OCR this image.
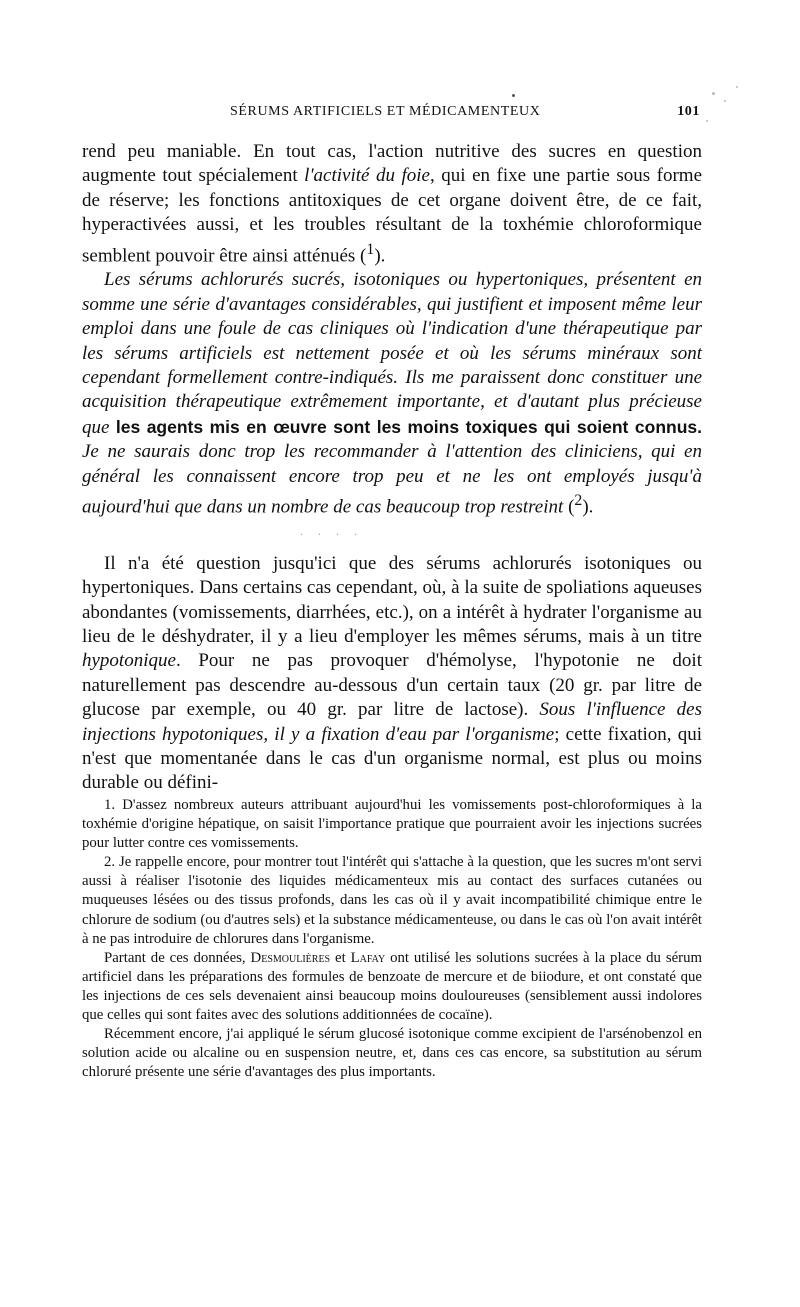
SÉRUMS ARTIFICIELS ET MÉDICAMENTEUX	101

rend peu maniable. En tout cas, l'action nutritive des sucres en question augmente tout spécialement l'activité du foie, qui en fixe une partie sous forme de réserve; les fonctions antitoxiques de cet organe doivent être, de ce fait, hyperactivées aussi, et les troubles résultant de la toxhémie chloroformique semblent pouvoir être ainsi atténués ($^1$).

Les sérums achlorurés sucrés, isotoniques ou hypertoniques, présentent en somme une série d'avantages considérables, qui justifient et imposent même leur emploi dans une foule de cas cliniques où l'indication d'une thérapeutique par les sérums artificiels est nettement posée et où les sérums minéraux sont cependant formellement contre-indiqués. Ils me paraissent donc constituer une acquisition thérapeutique extrêmement importante, et d'autant plus précieuse que les agents mis en œuvre sont les moins toxiques qui soient connus. Je ne saurais donc trop les recommander à l'attention des cliniciens, qui en général les connaissent encore trop peu et ne les ont employés jusqu'à aujourd'hui que dans un nombre de cas beaucoup trop restreint ($^2$).

Il n'a été question jusqu'ici que des sérums achlorurés isotoniques ou hypertoniques. Dans certains cas cependant, où, à la suite de spoliations aqueuses abondantes (vomissements, diarrhées, etc.), on a intérêt à hydrater l'organisme au lieu de le déshydrater, il y a lieu d'employer les mêmes sérums, mais à un titre hypotonique. Pour ne pas provoquer d'hémolyse, l'hypotonie ne doit naturellement pas descendre au-dessous d'un certain taux (20 gr. par litre de glucose par exemple, ou 40 gr. par litre de lactose). Sous l'influence des injections hypotoniques, il y a fixation d'eau par l'organisme; cette fixation, qui n'est que momentanée dans le cas d'un organisme normal, est plus ou moins durable ou défini-

. . . .

1. D'assez nombreux auteurs attribuant aujourd'hui les vomissements post-chloroformiques à la toxhémie d'origine hépatique, on saisit l'importance pratique que pourraient avoir les injections sucrées pour lutter contre ces vomissements.

2. Je rappelle encore, pour montrer tout l'intérêt qui s'attache à la question, que les sucres m'ont servi aussi à réaliser l'isotonie des liquides médicamenteux mis au contact des surfaces cutanées ou muqueuses lésées ou des tissus profonds, dans les cas où il y avait incompatibilité chimique entre le chlorure de sodium (ou d'autres sels) et la substance médicamenteuse, ou dans le cas où l'on avait intérêt à ne pas introduire de chlorures dans l'organisme.

Partant de ces données, Desmoulières et Lafay ont utilisé les solutions sucrées à la place du sérum artificiel dans les préparations des formules de benzoate de mercure et de biiodure, et ont constaté que les injections de ces sels devenaient ainsi beaucoup moins douloureuses (sensiblement aussi indolores que celles qui sont faites avec des solutions additionnées de cocaïne).

Récemment encore, j'ai appliqué le sérum glucosé isotonique comme excipient de l'arsénobenzol en solution acide ou alcaline ou en suspension neutre, et, dans ces cas encore, sa substitution au sérum chloruré présente une série d'avantages des plus importants.
